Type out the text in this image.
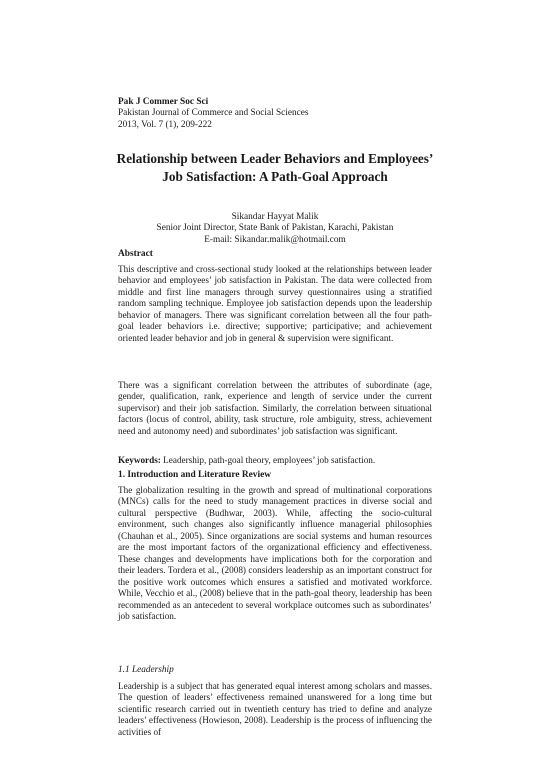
Pak J Commer Soc Sci
Pakistan Journal of Commerce and Social Sciences
2013, Vol. 7 (1), 209-222
Relationship between Leader Behaviors and Employees’
Job Satisfaction: A Path-Goal Approach
Sikandar Hayyat Malik
Senior Joint Director, State Bank of Pakistan, Karachi, Pakistan
E-mail: Sikandar.malik@hotmail.com
Abstract

This descriptive and cross-sectional study looked at the relationships between leader behavior and employees’ job satisfaction in Pakistan. The data were collected from middle and first line managers through survey questionnaires using a stratified random sampling technique. Employee job satisfaction depends upon the leadership behavior of managers. There was significant correlation between all the four path-goal leader behaviors i.e. directive; supportive; participative; and achievement oriented leader behavior and job in general & supervision were significant.

There was a significant correlation between the attributes of subordinate (age, gender, qualification, rank, experience and length of service under the current supervisor) and their job satisfaction. Similarly, the correlation between situational factors (locus of control, ability, task structure, role ambiguity, stress, achievement need and autonomy need) and subordinates’ job satisfaction was significant.

Keywords: Leadership, path-goal theory, employees’ job satisfaction.
1. Introduction and Literature Review

The globalization resulting in the growth and spread of multinational corporations (MNCs) calls for the need to study management practices in diverse social and cultural perspective (Budhwar, 2003). While, affecting the socio-cultural environment, such changes also significantly influence managerial philosophies (Chauhan et al., 2005). Since organizations are social systems and human resources are the most important factors of the organizational efficiency and effectiveness. These changes and developments have implications both for the corporation and their leaders. Tordera et al., (2008) considers leadership as an important construct for the positive work outcomes which ensures a satisfied and motivated workforce. While, Vecchio et al., (2008) believe that in the path-goal theory, leadership has been recommended as an antecedent to several workplace outcomes such as subordinates’ job satisfaction.

1.1 Leadership

Leadership is a subject that has generated equal interest among scholars and masses. The question of leaders’ effectiveness remained unanswered for a long time but scientific research carried out in twentieth century has tried to define and analyze leaders’ effectiveness (Howieson, 2008). Leadership is the process of influencing the activities of
